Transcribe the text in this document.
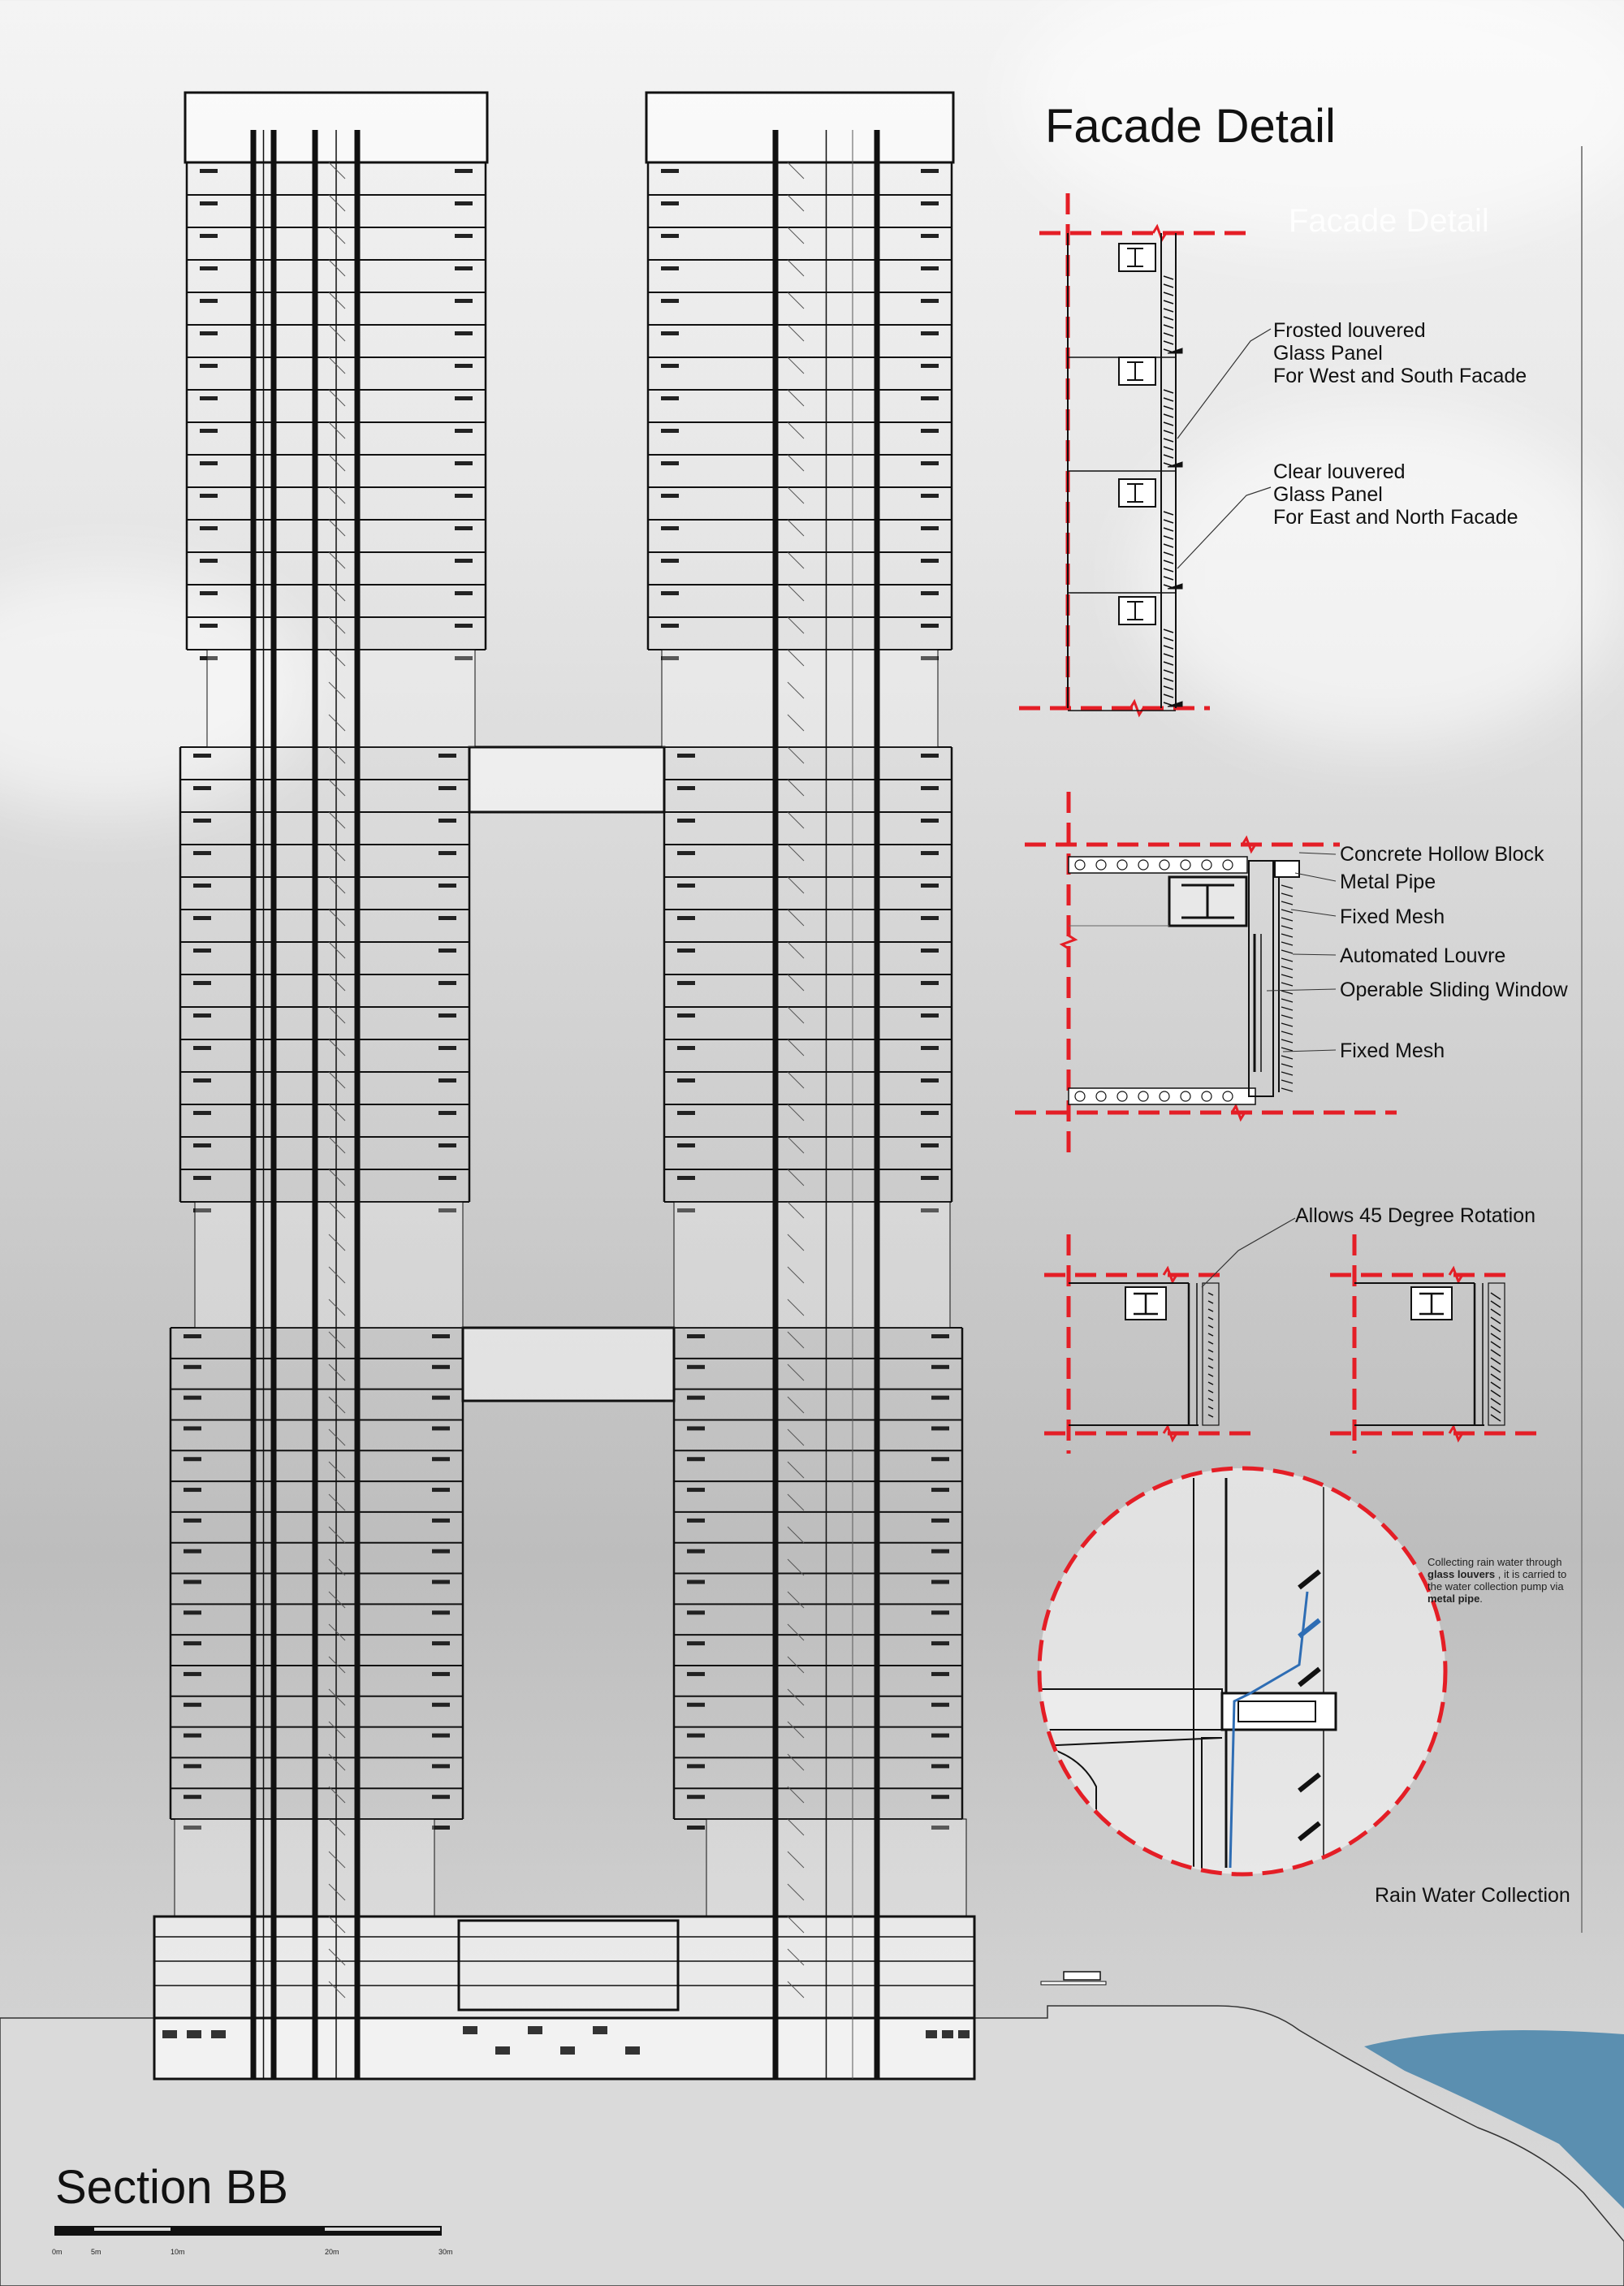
Facade Detail
Facade Detail
Section BB
Frosted louvered
Glass Panel
For West and South Facade
Clear louvered
Glass Panel
For East and North Facade
Concrete Hollow Block
Metal Pipe
Fixed Mesh
Automated Louvre
Operable Sliding Window
Fixed Mesh
Allows 45 Degree Rotation
Rain Water Collection
Collecting rain water through glass louvers , it is carried to the water collection pump via metal pipe.
0m	5m	10m	20m	30m
